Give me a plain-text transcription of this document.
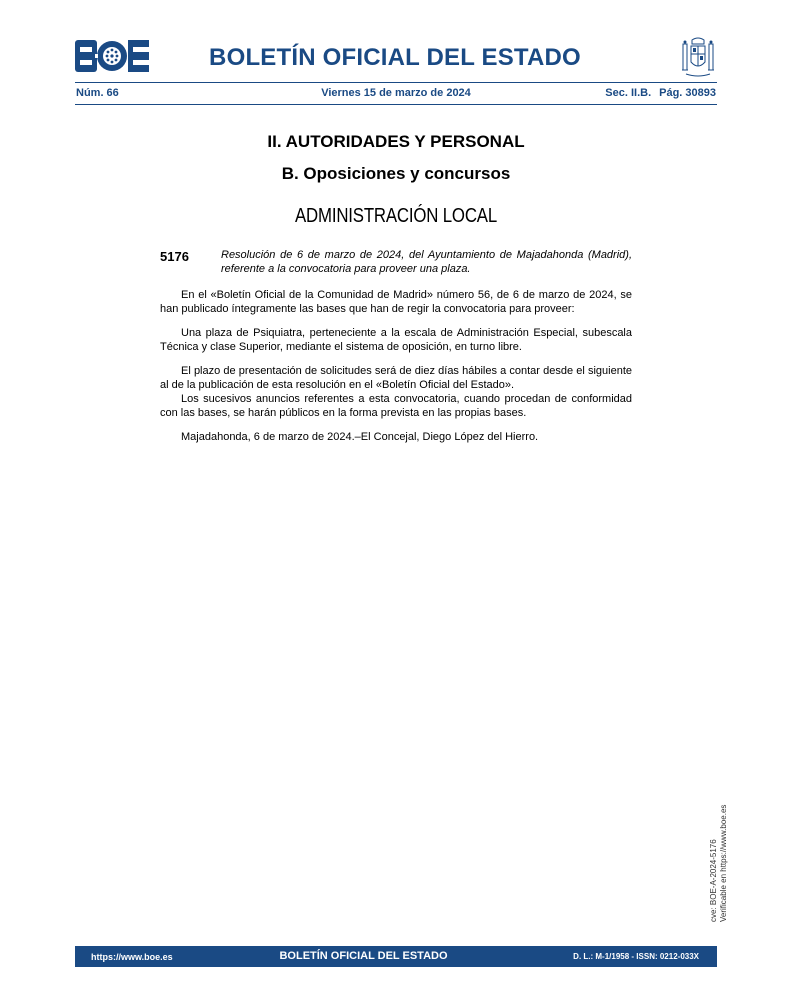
BOLETÍN OFICIAL DEL ESTADO
Núm. 66	Viernes 15 de marzo de 2024	Sec. II.B. Pág. 30893
II. AUTORIDADES Y PERSONAL
B. Oposiciones y concursos
ADMINISTRACIÓN LOCAL
5176	Resolución de 6 de marzo de 2024, del Ayuntamiento de Majadahonda (Madrid), referente a la convocatoria para proveer una plaza.

En el «Boletín Oficial de la Comunidad de Madrid» número 56, de 6 de marzo de 2024, se han publicado íntegramente las bases que han de regir la convocatoria para proveer:

Una plaza de Psiquiatra, perteneciente a la escala de Administración Especial, subescala Técnica y clase Superior, mediante el sistema de oposición, en turno libre.

El plazo de presentación de solicitudes será de diez días hábiles a contar desde el siguiente al de la publicación de esta resolución en el «Boletín Oficial del Estado».

Los sucesivos anuncios referentes a esta convocatoria, cuando procedan de conformidad con las bases, se harán públicos en la forma prevista en las propias bases.

Majadahonda, 6 de marzo de 2024.–El Concejal, Diego López del Hierro.

cve: BOE-A-2024-5176 Verificable en https://www.boe.es
https://www.boe.es	BOLETÍN OFICIAL DEL ESTADO	D. L.: M-1/1958 - ISSN: 0212-033X
